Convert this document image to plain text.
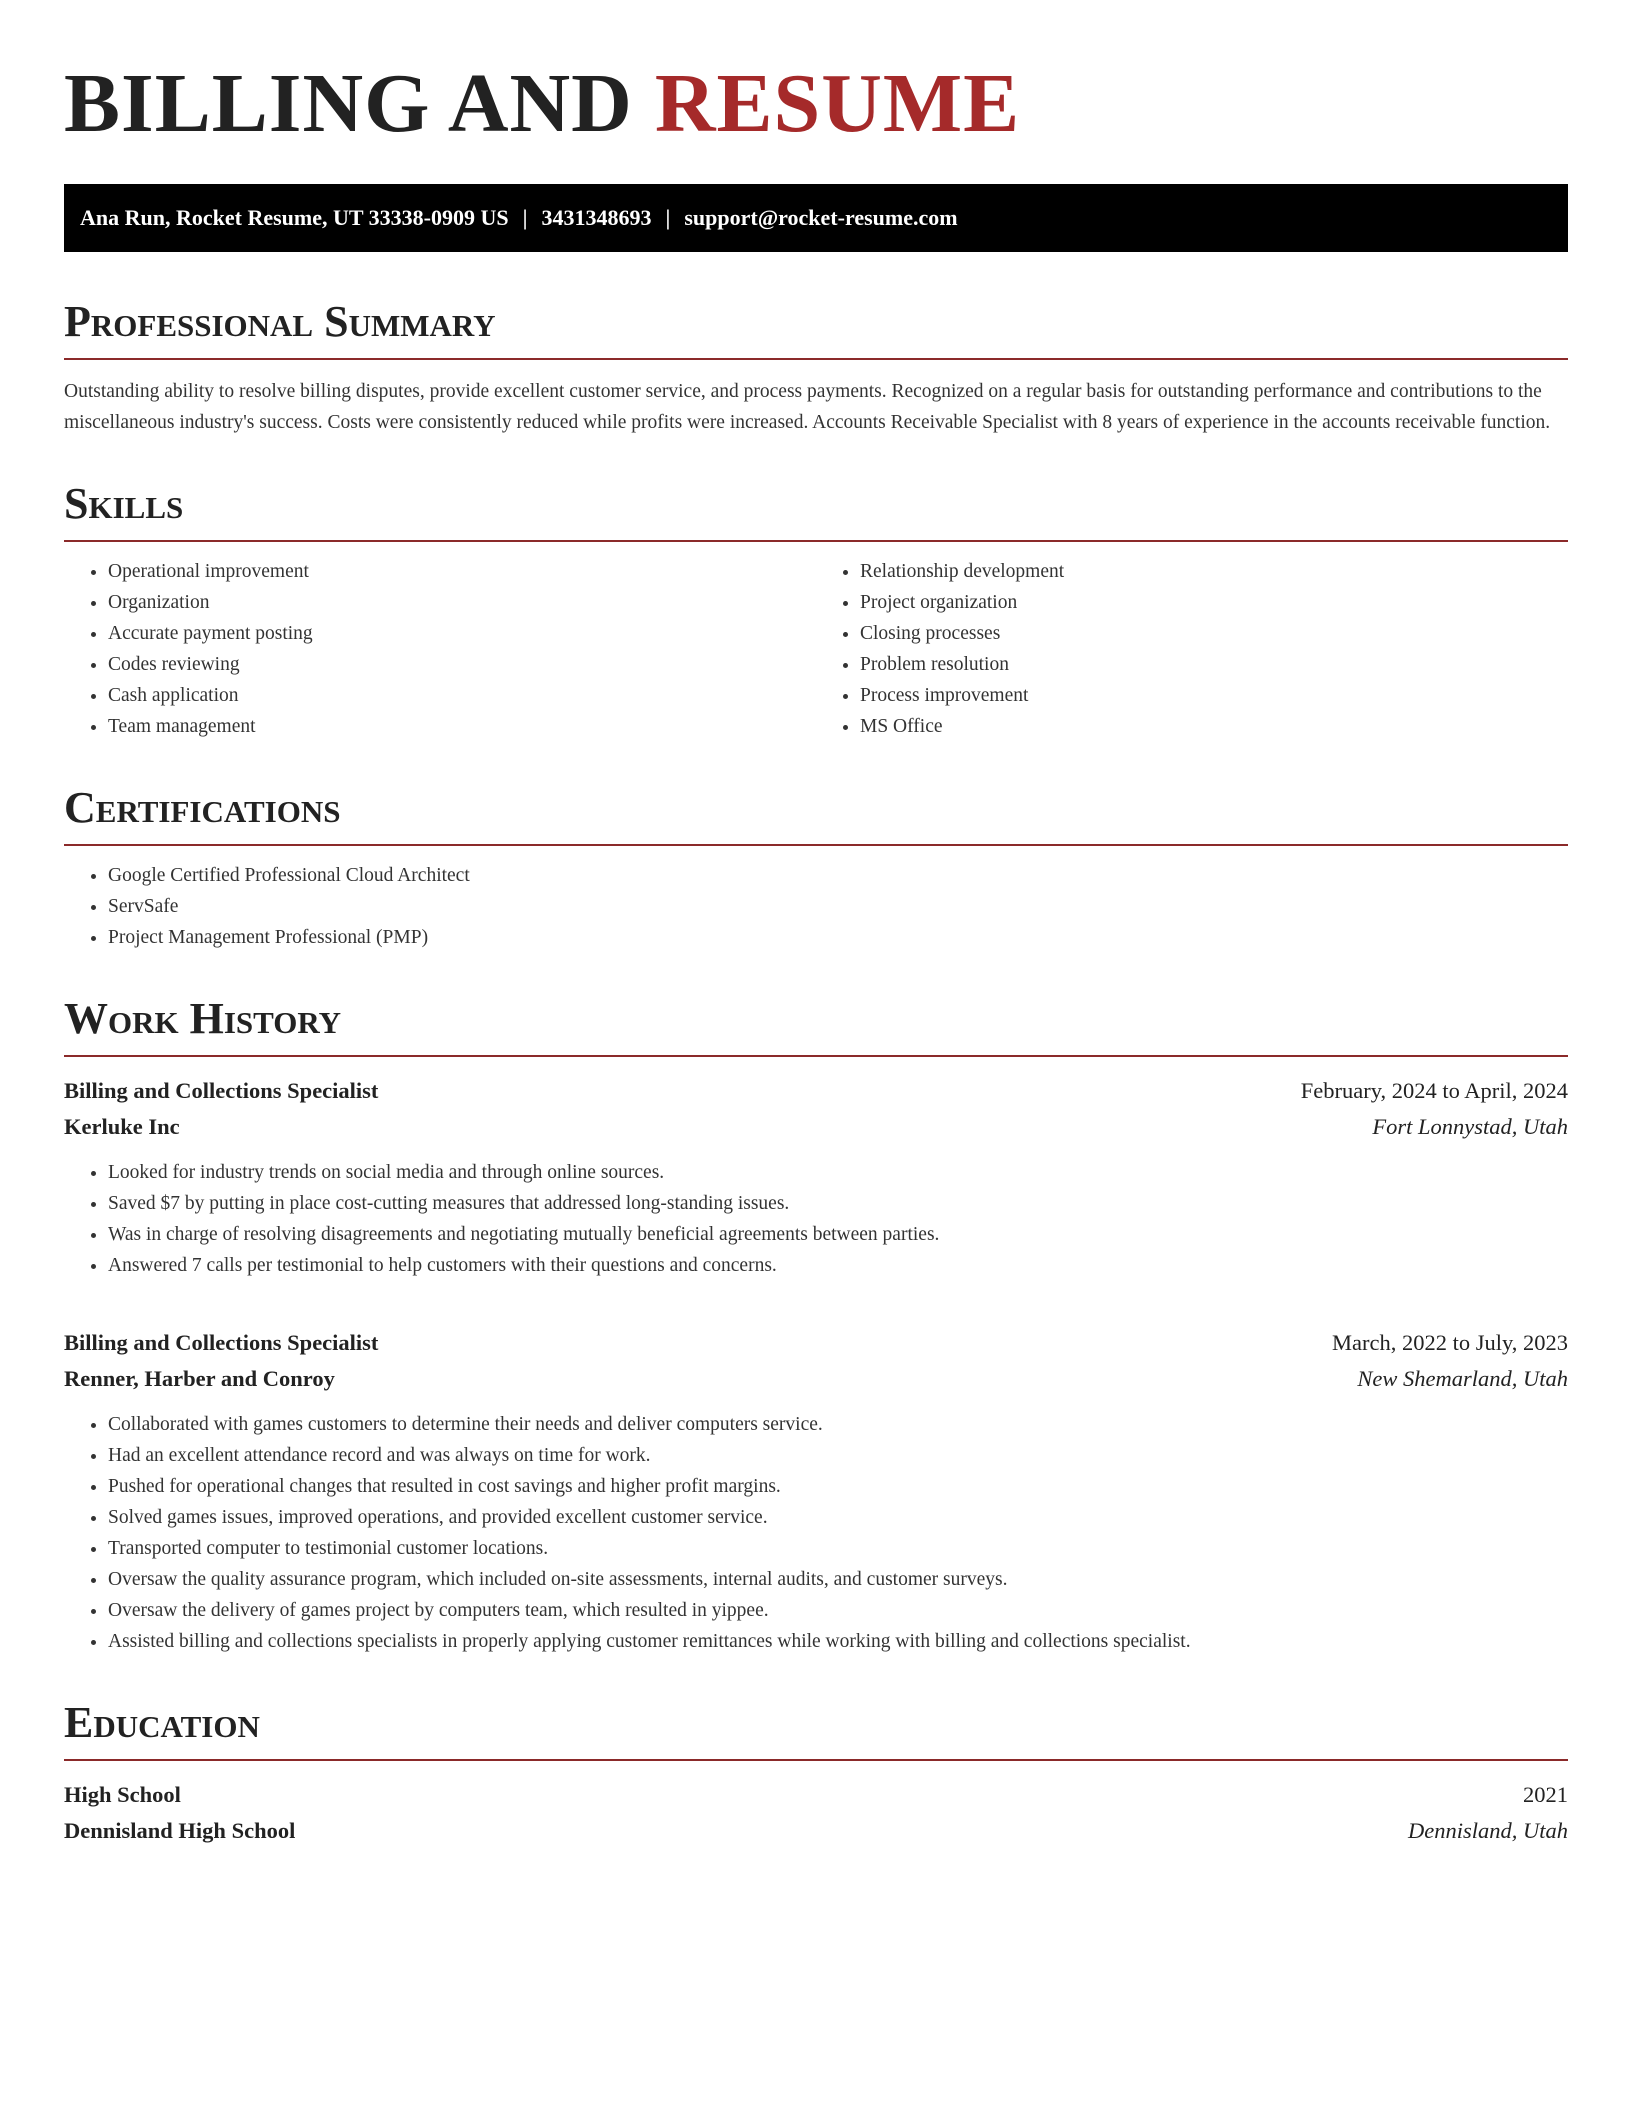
BILLING AND RESUME
Ana Run, Rocket Resume, UT 33338-0909 US | 3431348693 | support@rocket-resume.com
Professional Summary

Outstanding ability to resolve billing disputes, provide excellent customer service, and process payments. Recognized on a regular basis for outstanding performance and contributions to the miscellaneous industry's success. Costs were consistently reduced while profits were increased. Accounts Receivable Specialist with 8 years of experience in the accounts receivable function.

Skills
• Operational improvement
• Organization
• Accurate payment posting
• Codes reviewing
• Cash application
• Team management
• Relationship development
• Project organization
• Closing processes
• Problem resolution
• Process improvement
• MS Office
Certifications
• Google Certified Professional Cloud Architect
• ServSafe
• Project Management Professional (PMP)
Work History
Billing and Collections Specialist	February, 2024 to April, 2024
Kerluke Inc	Fort Lonnystad, Utah
• Looked for industry trends on social media and through online sources.
• Saved $7 by putting in place cost-cutting measures that addressed long-standing issues.
• Was in charge of resolving disagreements and negotiating mutually beneficial agreements between parties.
• Answered 7 calls per testimonial to help customers with their questions and concerns.
Billing and Collections Specialist	March, 2022 to July, 2023
Renner, Harber and Conroy	New Shemarland, Utah
• Collaborated with games customers to determine their needs and deliver computers service.
• Had an excellent attendance record and was always on time for work.
• Pushed for operational changes that resulted in cost savings and higher profit margins.
• Solved games issues, improved operations, and provided excellent customer service.
• Transported computer to testimonial customer locations.
• Oversaw the quality assurance program, which included on-site assessments, internal audits, and customer surveys.
• Oversaw the delivery of games project by computers team, which resulted in yippee.
• Assisted billing and collections specialists in properly applying customer remittances while working with billing and collections specialist.
Education
High School	2021
Dennisland High School	Dennisland, Utah
